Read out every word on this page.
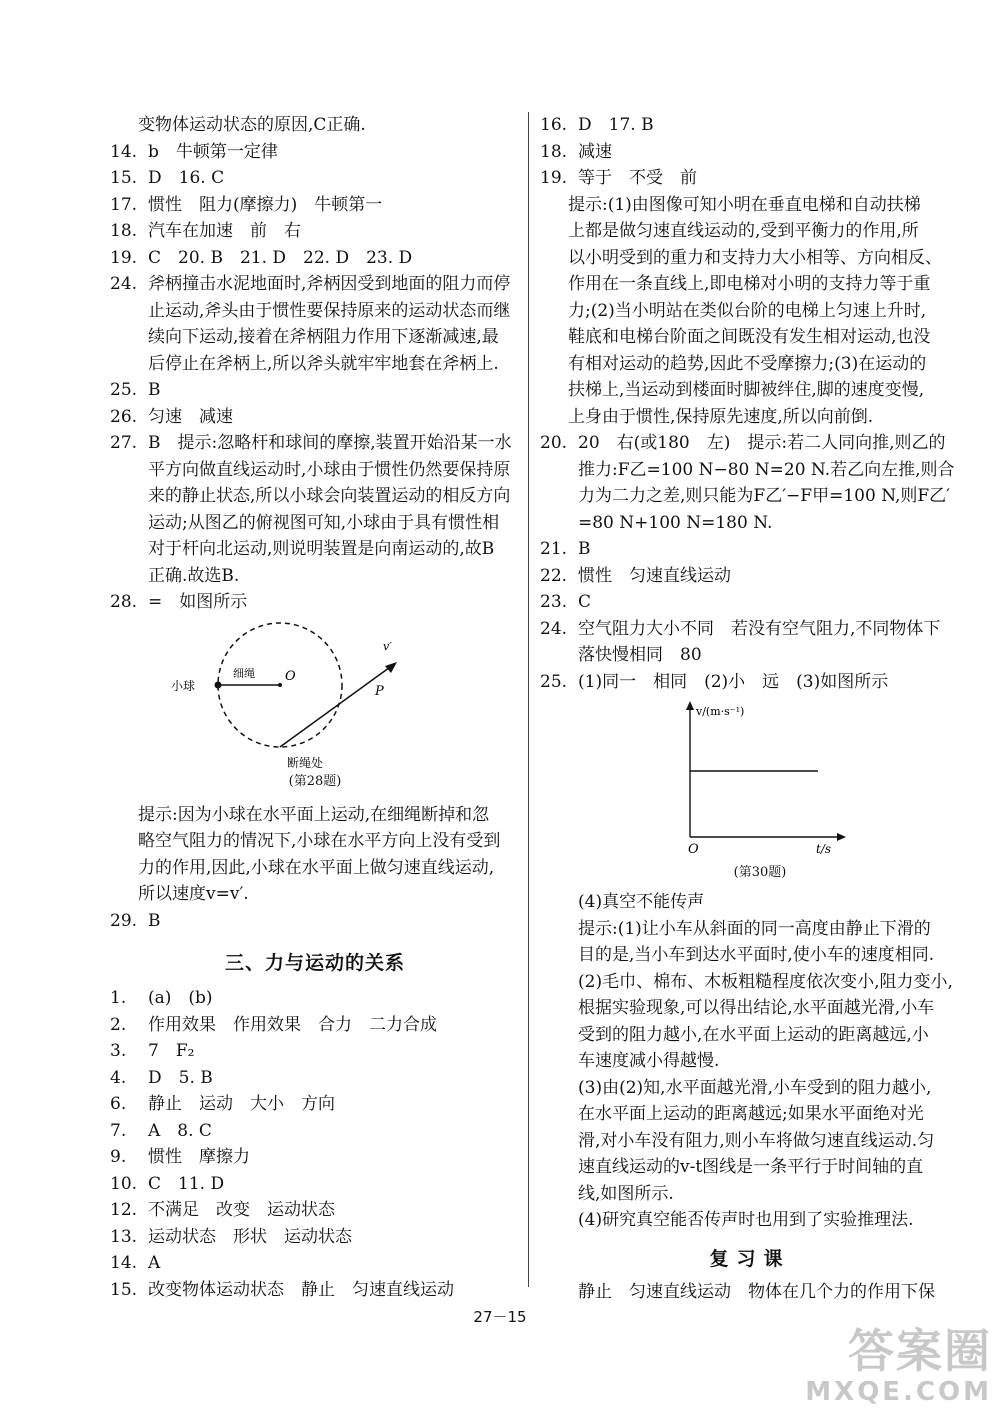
变物体运动状态的原因,C正确.
14. b　牛顿第一定律
15. D　16. C
17. 惯性　阻力(摩擦力)　牛顿第一
18. 汽车在加速　前　右
19. C　20. B　21. D　22. D　23. D
24. 斧柄撞击水泥地面时,斧柄因受到地面的阻力而停
止运动,斧头由于惯性要保持原来的运动状态而继
续向下运动,接着在斧柄阻力作用下逐渐减速,最
后停止在斧柄上,所以斧头就牢牢地套在斧柄上.
25. B
26. 匀速　减速
27. B　提示:忽略杆和球间的摩擦,装置开始沿某一水
平方向做直线运动时,小球由于惯性仍然要保持原
来的静止状态,所以小球会向装置运动的相反方向
运动;从图乙的俯视图可知,小球由于具有惯性相
对于杆向北运动,则说明装置是向南运动的,故B
正确.故选B.
28. =　如图所示
小球
细绳 O
v′
P
断绳处
(第28题)
提示:因为小球在水平面上运动,在细绳断掉和忽
略空气阻力的情况下,小球在水平方向上没有受到
力的作用,因此,小球在水平面上做匀速直线运动,
所以速度v=v′.
29. B
三、力与运动的关系
1. (a)　(b)
2. 作用效果　作用效果　合力　二力合成
3. 7　F₂
4. D　5. B
6. 静止　运动　大小　方向
7. A　8. C
9. 惯性　摩擦力
10. C　11. D
12. 不满足　改变　运动状态
13. 运动状态　形状　运动状态
14. A
15. 改变物体运动状态　静止　匀速直线运动
16. D　17. B
18. 减速
19. 等于　不受　前
提示:(1)由图像可知小明在垂直电梯和自动扶梯
上都是做匀速直线运动的,受到平衡力的作用,所
以小明受到的重力和支持力大小相等、方向相反、
作用在一条直线上,即电梯对小明的支持力等于重
力;(2)当小明站在类似台阶的电梯上匀速上升时,
鞋底和电梯台阶面之间既没有发生相对运动,也没
有相对运动的趋势,因此不受摩擦力;(3)在运动的
扶梯上,当运动到楼面时脚被绊住,脚的速度变慢,
上身由于惯性,保持原先速度,所以向前倒.
20. 20　右(或180　左)　提示:若二人同向推,则乙的
推力:F乙=100 N−80 N=20 N.若乙向左推,则合
力为二力之差,则只能为F乙′−F甲=100 N,则F乙′
=80 N+100 N=180 N.
21. B
22. 惯性　匀速直线运动
23. C
24. 空气阻力大小不同　若没有空气阻力,不同物体下
落快慢相同　80
25. (1)同一　相同　(2)小　远　(3)如图所示
v/(m·s⁻¹)
O	t/s
(第30题)
(4)真空不能传声
提示:(1)让小车从斜面的同一高度由静止下滑的
目的是,当小车到达水平面时,使小车的速度相同.
(2)毛巾、棉布、木板粗糙程度依次变小,阻力变小,
根据实验现象,可以得出结论,水平面越光滑,小车
受到的阻力越小,在水平面上运动的距离越远,小
车速度减小得越慢.
(3)由(2)知,水平面越光滑,小车受到的阻力越小,
在水平面上运动的距离越远;如果水平面绝对光
滑,对小车没有阻力,则小车将做匀速直线运动.匀
速直线运动的v-t图线是一条平行于时间轴的直
线,如图所示.
(4)研究真空能否传声时也用到了实验推理法.
复习课
静止　匀速直线运动　物体在几个力的作用下保
27－15
答案圈
MXQE.COM
